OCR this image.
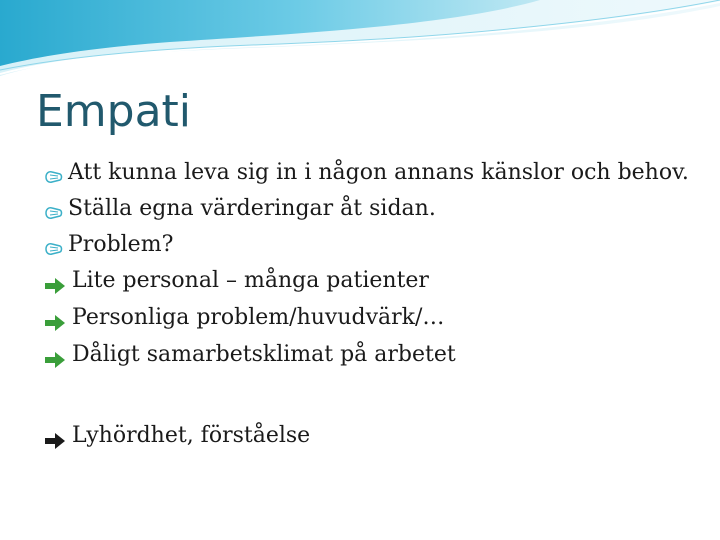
Empati
Att kunna leva sig in i någon annans känslor och behov.
Ställa egna värderingar åt sidan.
Problem?
Lite personal – många patienter
Personliga problem/huvudvärk/…
Dåligt samarbetsklimat på arbetet
Lyhördhet, förståelse
